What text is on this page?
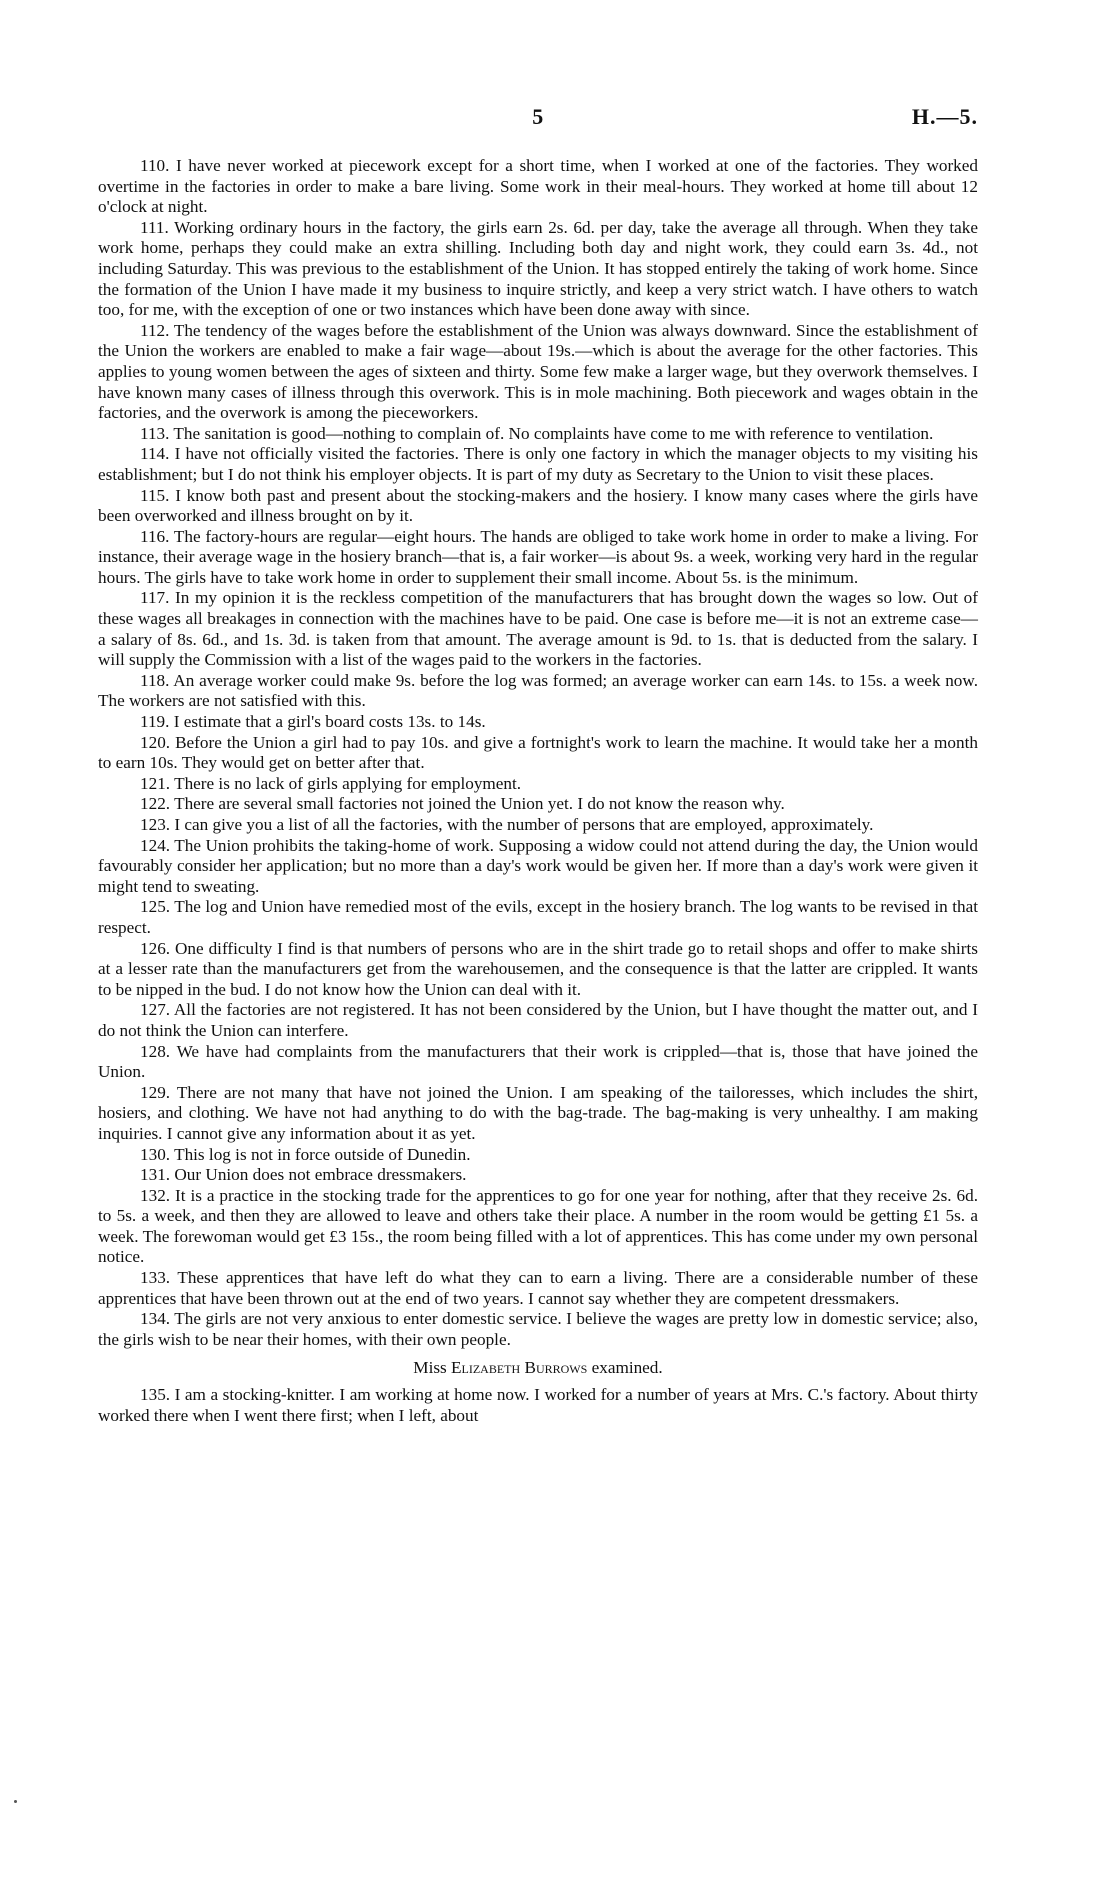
5	H.—5.

110. I have never worked at piecework except for a short time, when I worked at one of the factories. They worked overtime in the factories in order to make a bare living. Some work in their meal-hours. They worked at home till about 12 o'clock at night.

111. Working ordinary hours in the factory, the girls earn 2s. 6d. per day, take the average all through. When they take work home, perhaps they could make an extra shilling. Including both day and night work, they could earn 3s. 4d., not including Saturday. This was previous to the establishment of the Union. It has stopped entirely the taking of work home. Since the formation of the Union I have made it my business to inquire strictly, and keep a very strict watch. I have others to watch too, for me, with the exception of one or two instances which have been done away with since.

112. The tendency of the wages before the establishment of the Union was always downward. Since the establishment of the Union the workers are enabled to make a fair wage—about 19s.—which is about the average for the other factories. This applies to young women between the ages of sixteen and thirty. Some few make a larger wage, but they overwork themselves. I have known many cases of illness through this overwork. This is in mole machining. Both piecework and wages obtain in the factories, and the overwork is among the pieceworkers.

113. The sanitation is good—nothing to complain of. No complaints have come to me with reference to ventilation.

114. I have not officially visited the factories. There is only one factory in which the manager objects to my visiting his establishment; but I do not think his employer objects. It is part of my duty as Secretary to the Union to visit these places.

115. I know both past and present about the stocking-makers and the hosiery. I know many cases where the girls have been overworked and illness brought on by it.

116. The factory-hours are regular—eight hours. The hands are obliged to take work home in order to make a living. For instance, their average wage in the hosiery branch—that is, a fair worker—is about 9s. a week, working very hard in the regular hours. The girls have to take work home in order to supplement their small income. About 5s. is the minimum.

117. In my opinion it is the reckless competition of the manufacturers that has brought down the wages so low. Out of these wages all breakages in connection with the machines have to be paid. One case is before me—it is not an extreme case—a salary of 8s. 6d., and 1s. 3d. is taken from that amount. The average amount is 9d. to 1s. that is deducted from the salary. I will supply the Commission with a list of the wages paid to the workers in the factories.

118. An average worker could make 9s. before the log was formed; an average worker can earn 14s. to 15s. a week now. The workers are not satisfied with this.

119. I estimate that a girl's board costs 13s. to 14s.

120. Before the Union a girl had to pay 10s. and give a fortnight's work to learn the machine. It would take her a month to earn 10s. They would get on better after that.

121. There is no lack of girls applying for employment.

122. There are several small factories not joined the Union yet. I do not know the reason why.

123. I can give you a list of all the factories, with the number of persons that are employed, approximately.

124. The Union prohibits the taking-home of work. Supposing a widow could not attend during the day, the Union would favourably consider her application; but no more than a day's work would be given her. If more than a day's work were given it might tend to sweating.

125. The log and Union have remedied most of the evils, except in the hosiery branch. The log wants to be revised in that respect.

126. One difficulty I find is that numbers of persons who are in the shirt trade go to retail shops and offer to make shirts at a lesser rate than the manufacturers get from the warehousemen, and the consequence is that the latter are crippled. It wants to be nipped in the bud. I do not know how the Union can deal with it.

127. All the factories are not registered. It has not been considered by the Union, but I have thought the matter out, and I do not think the Union can interfere.

128. We have had complaints from the manufacturers that their work is crippled—that is, those that have joined the Union.

129. There are not many that have not joined the Union. I am speaking of the tailoresses, which includes the shirt, hosiers, and clothing. We have not had anything to do with the bag-trade. The bag-making is very unhealthy. I am making inquiries. I cannot give any information about it as yet.

130. This log is not in force outside of Dunedin.

131. Our Union does not embrace dressmakers.

132. It is a practice in the stocking trade for the apprentices to go for one year for nothing, after that they receive 2s. 6d. to 5s. a week, and then they are allowed to leave and others take their place. A number in the room would be getting £1 5s. a week. The forewoman would get £3 15s., the room being filled with a lot of apprentices. This has come under my own personal notice.

133. These apprentices that have left do what they can to earn a living. There are a considerable number of these apprentices that have been thrown out at the end of two years. I cannot say whether they are competent dressmakers.

134. The girls are not very anxious to enter domestic service. I believe the wages are pretty low in domestic service; also, the girls wish to be near their homes, with their own people.

Miss Elizabeth Burrows examined.

135. I am a stocking-knitter. I am working at home now. I worked for a number of years at Mrs. C.'s factory. About thirty worked there when I went there first; when I left, about
